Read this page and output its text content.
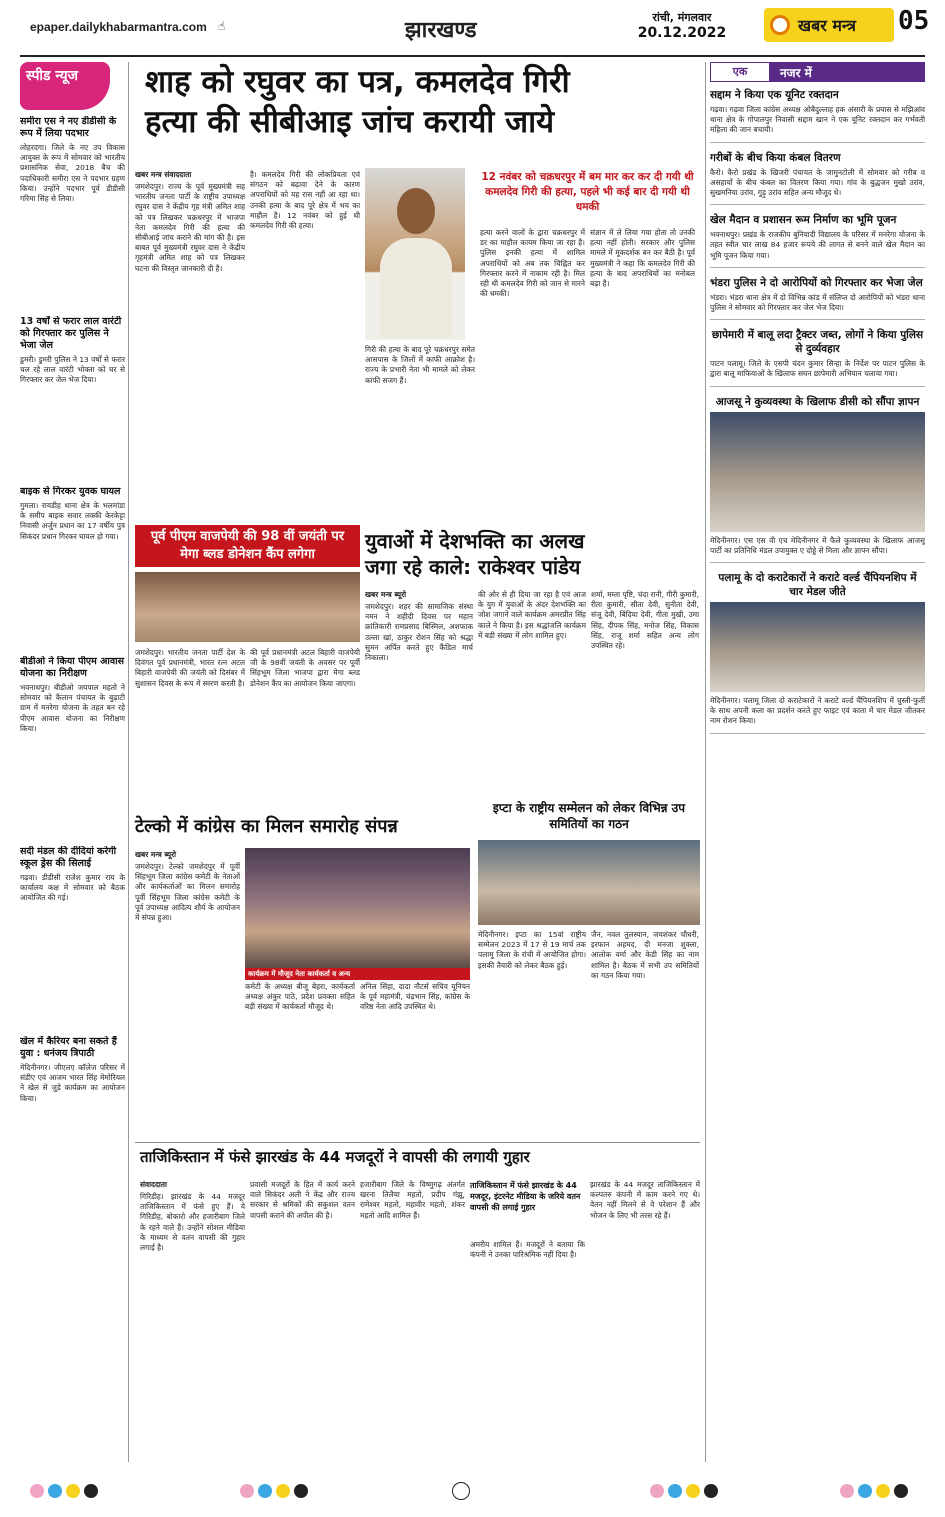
epaper.dailykhabarmantra.com ☝	झारखण्ड
रांची, मंगलवार
20.12.2022	खबर मन्त्र 05
स्पीड न्यूज
समीरा एस ने नए डीडीसी के रूप में लिया पदभार
लोहरदगा। जिले के नए उप विकास आयुक्त के रूप में सोमवार को भारतीय प्रशासनिक सेवा, 2018 बैच की पदाधिकारी समीरा एस ने पदभार ग्रहण किया। उन्होंने पदभार पूर्व डीडीसी गरिमा सिंह से लिया।
13 वर्षों से फरार लाल वारंटी को गिरफ्तार कर पुलिस ने भेजा जेल
डुमरी। डुमरी पुलिस ने 13 वर्षों से फरार चल रहे लाल वारंटी भोक्ता को घर से गिरफ्तार कर जेल भेज दिया।
बाइक से गिरकर युवक घायल
गुमला। रायडीह थाना क्षेत्र के भलमांडा के समीप बाइक सवार लक्की केरकेट्टा निवासी अर्जुन प्रधान का 17 वर्षीय पुत्र सिकंदर प्रधान गिरकर घायल हो गया।
बीडीओ ने किया पीएम आवास योजना का निरीक्षण
भवनाथपुर। बीडीओ जयपाल महतो ने सोमवार को कैलान पंचायत के बुढ़ाटी ग्राम में मनरेगा योजना के तहत बन रहे पीएम आवास योजना का निरीक्षण किया।
सदी मंडल की दीदियां करेगी स्कूल ड्रेस की सिलाई
गढ़वा। डीडीसी राजेश कुमार राय के कार्यालय कक्ष में सोमवार को बैठक आयोजित की गई।
खेल में कैरियर बना सकते हैं युवा : धनंजय त्रिपाठी
मेदिनीनगर। जीएलए कॉलेज परिसर में संडीए एवं आजम भारत सिंह मेमोरियल ने खेल से जुड़े कार्यक्रम का आयोजन किया।
शाह को रघुवर का पत्र, कमलदेव गिरी
हत्या की सीबीआइ जांच करायी जाये
खबर मन्त्र संवाददाता
जमशेदपुर। राज्य के पूर्व मुख्यमंत्री सह भारतीय जनता पार्टी के राष्ट्रीय उपाध्यक्ष रघुवर दास ने केंद्रीय गृह मंत्री अमित शाह को पत्र लिखकर चक्रधरपुर में भाजपा नेता कमलदेव गिरी की हत्या की सीबीआई जांच कराने की मांग की है। इस बाबत पूर्व मुख्यमंत्री रघुवर दास ने केंद्रीय गृहमंत्री अमित शाह को पत्र लिखकर घटना की विस्तृत जानकारी दी है।
है। कमलदेव गिरी की लोकप्रियता एवं संगठन को बढ़ावा देने के कारण अपराधियों को यह रास नहीं आ रहा था। उनकी हत्या के बाद पूरे क्षेत्र में भय का माहौल है। 12 नवंबर को हुई थी कमलदेव गिरी की हत्या।
गिरी की हत्या के बाद पूरे चक्रधरपुर समेत आसपास के जिलों में काफी आक्रोश है। राज्य के प्रभारी नेता भी मामले को लेकर काफी सजग हैं।
12 नवंबर को चक्रधरपुर में बम मार कर कर दी गयी थी कमलदेव गिरी की हत्या, पहले भी कई बार दी गयी थी धमकी
हत्या करने वालों के द्वारा चक्रधरपुर में डर का माहौल कायम किया जा रहा है। पुलिस इनकी हत्या में शामिल अपराधियों को अब तक चिह्नित कर गिरफ्तार करने में नाकाम रही है। मिल रही थी कमलदेव गिरी को जान से मारने की धमकी।
संज्ञान में ले लिया गया होता तो उनकी हत्या नहीं होती। सरकार और पुलिस मामले में मूकदर्शक बन कर बैठी है। पूर्व मुख्यमंत्री ने कहा कि कमलदेव गिरी की हत्या के बाद अपराधियों का मनोबल बढ़ा है।
पूर्व पीएम वाजपेयी की 98 वीं जयंती पर मेगा ब्लड डोनेशन कैंप लगेगा
जमशेदपुर। भारतीय जनता पार्टी देश के दिवंगत पूर्व प्रधानमंत्री, भारत रत्न अटल बिहारी वाजपेयी की जयंती को दिसंबर में सुशासन दिवस के रूप में स्मरण करती है।
की पूर्व प्रधानमंत्री अटल बिहारी वाजपेयी जी के 98वीं जयंती के अवसर पर पूर्वी सिंहभूम जिला भाजपा द्वारा मेगा ब्लड डोनेशन कैंप का आयोजन किया जाएगा।
युवाओं में देशभक्ति का अलख
जगा रहे काले: राकेश्वर पांडेय
खबर मन्त्र ब्यूरो
जमशेदपुर। शहर की सामाजिक संस्था नमन ने शहीदी दिवस पर महान क्रांतिकारी रामप्रसाद बिस्मिल, अशफाक उल्ला खां, ठाकुर रोशन सिंह को श्रद्धा सुमन अर्पित करते हुए कैंडिल मार्च निकाला।
की ओर से ही दिया जा रहा है एवं आज के युग में युवाओं के अंदर देशभक्ति का जोश जगाने वाले कार्यक्रम अमरप्रीत सिंह काले ने किया है। इस श्रद्धांजलि कार्यक्रम में बड़ी संख्या में लोग शामिल हुए।
शर्मा, मम्ता पृष्टि, चंदा रानी, गीरी कुमारी, रीता कुमारी, सीता देवी, सुनीता देवी, संजू देवी, बिंदिया देवी, गीता मुखी, उमा सिंह, दीपक सिंह, मनोज सिंह, विकास सिंह, राजू शर्मा सहित अन्य लोग उपस्थित रहे।
टेल्को में कांग्रेस का मिलन समारोह संपन्न
खबर मन्त्र ब्यूरो
जमशेदपुर। टेल्को जमशेदपुर में पूर्वी सिंहभूम जिला कांग्रेस कमेटी के नेताओं और कार्यकर्ताओं का मिलन समारोह पूर्वी सिंहभूम जिला कांग्रेस कमेटी के पूर्व उपाध्यक्ष आदित्य शौर्य के आयोजन में संपन्न हुआ।
कार्यक्रम में मौजूद नेता कार्यकर्ता व अन्य
कमेटी के अध्यक्ष बीजू बेहरा, कार्यकर्ता अध्यक्ष अंकुर पाठे, प्रदेश प्रवक्ता सहित बड़ी संख्या में कार्यकर्ता मौजूद थे।
अनिल सिंहा, दादा नौटर्स सचिव यूनियन के पूर्व महामंत्री, चंद्रभान सिंह, कांग्रेस के वरिष्ठ नेता आदि उपस्थित थे।
इप्टा के राष्ट्रीय सम्मेलन को लेकर विभिन्न उप समितियों का गठन
मेदिनीनगर। इप्टा का 15वां राष्ट्रीय सम्मेलन 2023 में 17 से 19 मार्च तक पलामू जिला के रांची में आयोजित होगा। इसकी तैयारी को लेकर बैठक हुई।
जैन, नवल तुलस्यान, जयशंकर चौधरी, इरफान अहमद, दी मनजा शुक्ला, आलोक वर्मा और केडी सिंह का नाम शामिल है। बैठक में सभी उप समितियों का गठन किया गया।
ताजिकिस्तान में फंसे झारखंड के 44 मजदूरों ने वापसी की लगायी गुहार
संवाददाता
गिरिडीह। झारखंड के 44 मजदूर ताजिकिस्तान में फंसे हुए हैं। ये गिरिडीह, बोकारो और हजारीबाग जिले के रहने वाले हैं। उन्होंने सोशल मीडिया के माध्यम से वतन वापसी की गुहार लगाई है।
प्रवासी मजदूरों के हित में कार्य करने वाले सिकंदर अली ने केंद्र और राज्य सरकार से श्रमिकों की सकुशल वतन वापसी कराने की अपील की है।
हजारीबाग जिले के विष्णुगढ़ अंतर्गत खरना तिलैया महतो, प्रदीप गंझू, रामेश्वर महतो, महावीर महतो, शंकर महतो आदि शामिल हैं।
ताजिकिस्तान में फंसे झारखंड के 44 मजदूर, इंटरनेट मीडिया के जरिये वतन वापसी की लगाई गुहार
अमरीय शामिल हैं। मजदूरों ने बताया कि कंपनी ने उनका पारिश्रमिक नहीं दिया है।
झारखंड के 44 मजदूर ताजिकिस्तान में कल्पतरु कंपनी में काम करने गए थे। वेतन नहीं मिलने से वे परेशान हैं और भोजन के लिए भी तरस रहे हैं।
एक	नजर में
सद्दाम ने किया एक यूनिट रक्तदान
गढ़वा। गढ़वा जिला कांग्रेस अध्यक्ष ओबैदुल्लाह हक अंसारी के प्रयास से मझिआंव थाना क्षेत्र के गोपालपुर निवासी सद्दाम खान ने एक यूनिट रक्तदान कर गर्भवती महिला की जान बचायी।
गरीबों के बीच किया कंबल वितरण
कैरो। कैरो प्रखंड के खिजरी पंचायत के जामुनटोली में सोमवार को गरीब व असहायों के बीच कंबल का वितरण किया गया। गांव के बुद्धजन मुखो उरांव, सुखमनिया उरांव, गुड़ु उरांव सहित अन्य मौजूद थे।
खेल मैदान व प्रशासन रूम निर्माण का भूमि पूजन
भवनाथपुर। प्रखंड के राजकीय बुनियादी विद्यालय के परिसर में मनरेगा योजना के तहत स्वीत चार लाख 84 हजार रूपये की लागत से बनने वाले खेल मैदान का भूमि पूजन किया गया।
भंडरा पुलिस ने दो आरोपियों को गिरफ्तार कर भेजा जेल
भंडरा। भंडरा थाना क्षेत्र में दो विभिन्न कांड में संलिप्त दो आरोपियों को भंडरा थाना पुलिस ने सोमवार को गिरफ्तार कर जेल भेज दिया।
छापेमारी में बालू लदा ट्रैक्टर जब्त, लोगों ने किया पुलिस से दुर्व्यवहार
पाटन पलामू। जिले के एसपी चंदन कुमार सिन्हा के निर्देश पर पाटन पुलिस के द्वारा बालू माफियाओं के खिलाफ सघन छापेमारी अभियान चलाया गया।
आजसू ने कुव्यवस्था के खिलाफ डीसी को सौंपा ज्ञापन
मेदिनीनगर। एस एस वी एच मेदिनीनगर में फैले कुव्यवस्था के खिलाफ आजसू पार्टी का प्रतिनिधि मंडल उपायुक्त ए दोड्डे से मिला और ज्ञापन सौंपा।
पलामू के दो कराटेकारों ने कराटे वर्ल्ड चैंपियनशिप में चार मेडल जीते
मेदिनीनगर। पलामू जिला दो कराटेकारों ने कराटे वर्ल्ड चैंपियनशिप में चुस्ती-फुर्ती के साथ अपनी कला का प्रदर्शन करते हुए फाइट एवं काता में चार मेडल जीतकर नाम रोशन किया।
